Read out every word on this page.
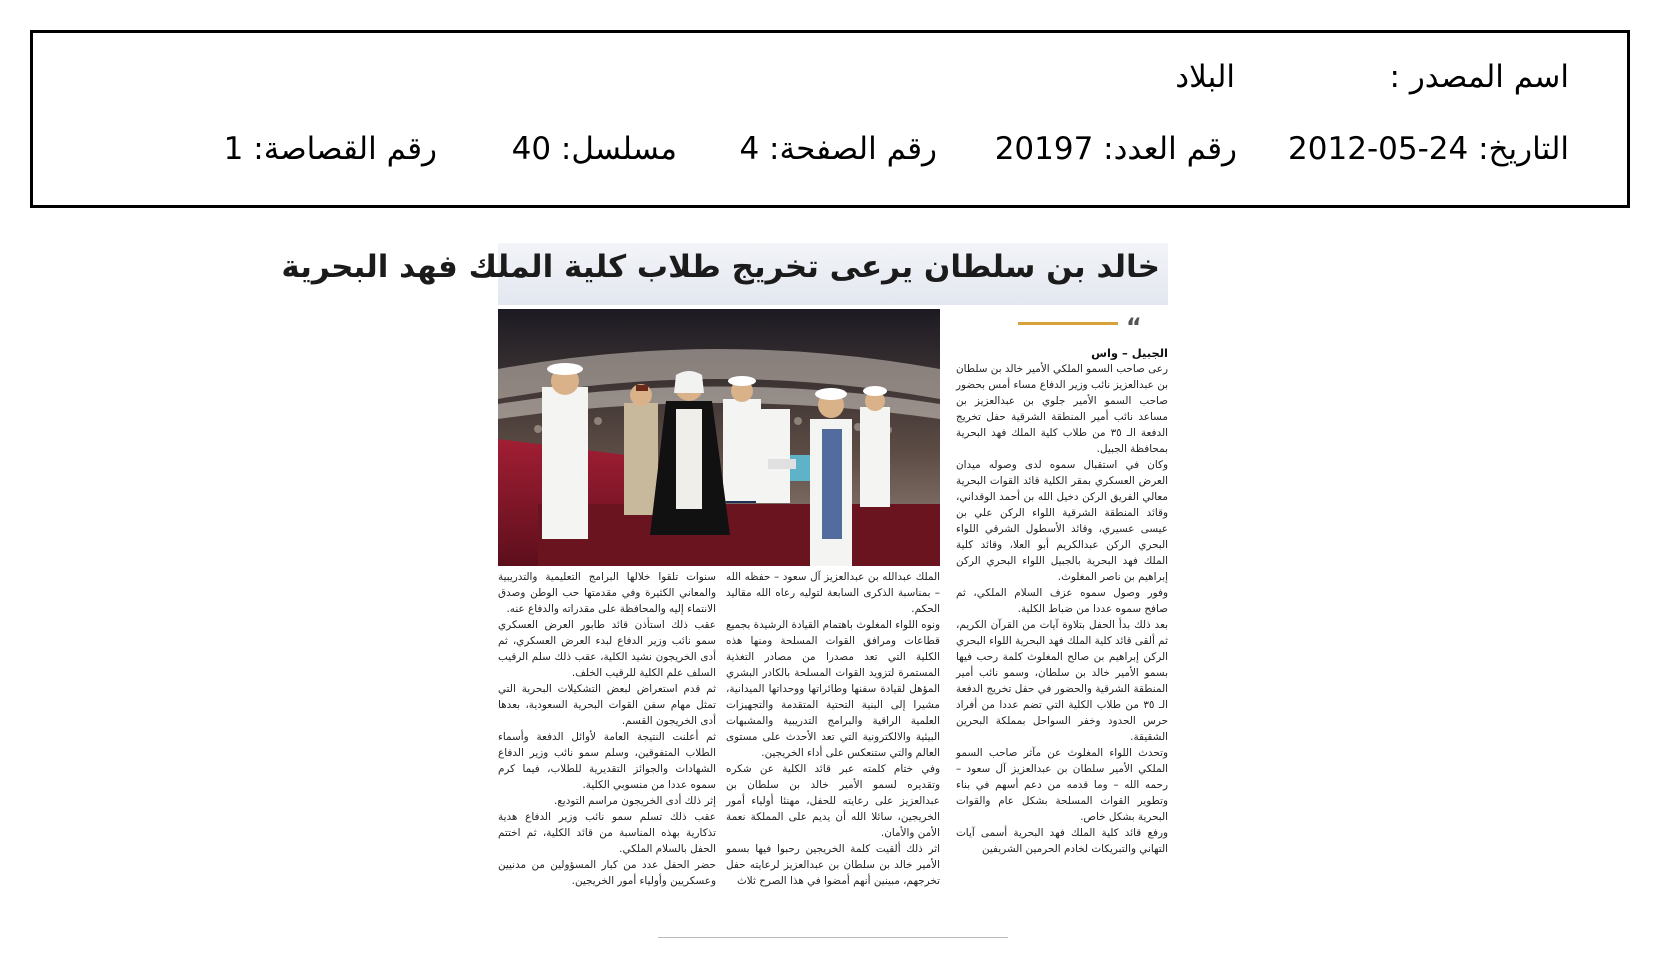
اسم المصدر :
البلاد
التاريخ: 24-05-2012
رقم العدد: 20197
رقم الصفحة: 4
مسلسل: 40
رقم القصاصة: 1
خالد بن سلطان يرعى تخريج طلاب كلية الملك فهد البحرية
“

الجبيل – واس

رعى صاحب السمو الملكي الأمير خالد بن سلطان بن عبدالعزيز نائب وزير الدفاع مساء أمس بحضور صاحب السمو الأمير جلوي بن عبدالعزيز بن مساعد نائب أمير المنطقة الشرقية حفل تخريج الدفعة الـ ٣٥ من طلاب كلية الملك فهد البحرية بمحافظة الجبيل.

وكان في استقبال سموه لدى وصوله ميدان العرض العسكري بمقر الكلية قائد القوات البحرية معالي الفريق الركن دخيل الله بن أحمد الوقداني، وقائد المنطقة الشرقية اللواء الركن علي بن عيسى عسيري، وقائد الأسطول الشرقي اللواء البحري الركن عبدالكريم أبو العلا، وقائد كلية الملك فهد البحرية بالجبيل اللواء البحري الركن إبراهيم بن ناصر المغلوث.

وفور وصول سموه عزف السلام الملكي، ثم صافح سموه عددا من ضباط الكلية.

بعد ذلك بدأ الحفل بتلاوة آيات من القرآن الكريم، ثم ألقى قائد كلية الملك فهد البحرية اللواء البحري الركن إبراهيم بن صالح المغلوث كلمة رحب فيها بسمو الأمير خالد بن سلطان، وسمو نائب أمير المنطقة الشرقية والحضور في حفل تخريج الدفعة الـ ٣٥ من طلاب الكلية التي تضم عددا من أفراد حرس الحدود وخفر السواحل بمملكة البحرين الشقيقة.

وتحدث اللواء المغلوث عن مآثر صاحب السمو الملكي الأمير سلطان بن عبدالعزيز آل سعود – رحمه الله – وما قدمه من دعم أسهم في بناء وتطوير القوات المسلحة بشكل عام والقوات البحرية بشكل خاص.

ورفع قائد كلية الملك فهد البحرية أسمى آيات التهاني والتبريكات لخادم الحرمين الشريفين

الملك عبدالله بن عبدالعزيز آل سعود – حفظه الله – بمناسبة الذكرى السابعة لتوليه رعاه الله مقاليد الحكم.

ونوه اللواء المغلوث باهتمام القيادة الرشيدة بجميع قطاعات ومرافق القوات المسلحة ومنها هذه الكلية التي تعد مصدرا من مصادر التغذية المستمرة لتزويد القوات المسلحة بالكادر البشري المؤهل لقيادة سفنها وطائراتها ووحداتها الميدانية، مشيرا إلى البنية التحتية المتقدمة والتجهيزات العلمية الراقية والبرامج التدريبية والمشبهات البيئية والالكترونية التي تعد الأحدث على مستوى العالم والتي ستنعكس على أداء الخريجين.

وفي ختام كلمته عبر قائد الكلية عن شكره وتقديره لسمو الأمير خالد بن سلطان بن عبدالعزيز على رعايته للحفل، مهنئا أولياء أمور الخريجين، سائلا الله أن يديم على المملكة نعمة الأمن والأمان.

اثر ذلك ألقيت كلمة الخريجين رحبوا فيها بسمو الأمير خالد بن سلطان بن عبدالعزيز لرعايته حفل تخرجهم، مبينين أنهم أمضوا في هذا الصرح ثلاث

سنوات تلقوا خلالها البرامج التعليمية والتدريبية والمعاني الكثيرة وفي مقدمتها حب الوطن وصدق الانتماء إليه والمحافظة على مقدراته والدفاع عنه.

عقب ذلك استأذن قائد طابور العرض العسكري سمو نائب وزير الدفاع لبدء العرض العسكري، ثم أدى الخريجون نشيد الكلية، عقب ذلك سلم الرقيب السلف علم الكلية للرقيب الخلف.

ثم قدم استعراض لبعض التشكيلات البحرية التي تمثل مهام سفن القوات البحرية السعودية، بعدها أدى الخريجون القسم.

ثم أعلنت النتيجة العامة لأوائل الدفعة وأسماء الطلاب المتفوقين، وسلم سمو نائب وزير الدفاع الشهادات والجوائز التقديرية للطلاب، فيما كرم سموه عددا من منسوبي الكلية.

إثر ذلك أدى الخريجون مراسم التوديع.

عقب ذلك تسلم سمو نائب وزير الدفاع هدية تذكارية بهذه المناسبة من قائد الكلية، ثم اختتم الحفل بالسلام الملكي.

حضر الحفل عدد من كبار المسؤولين من مدنيين وعسكريين وأولياء أمور الخريجين.
